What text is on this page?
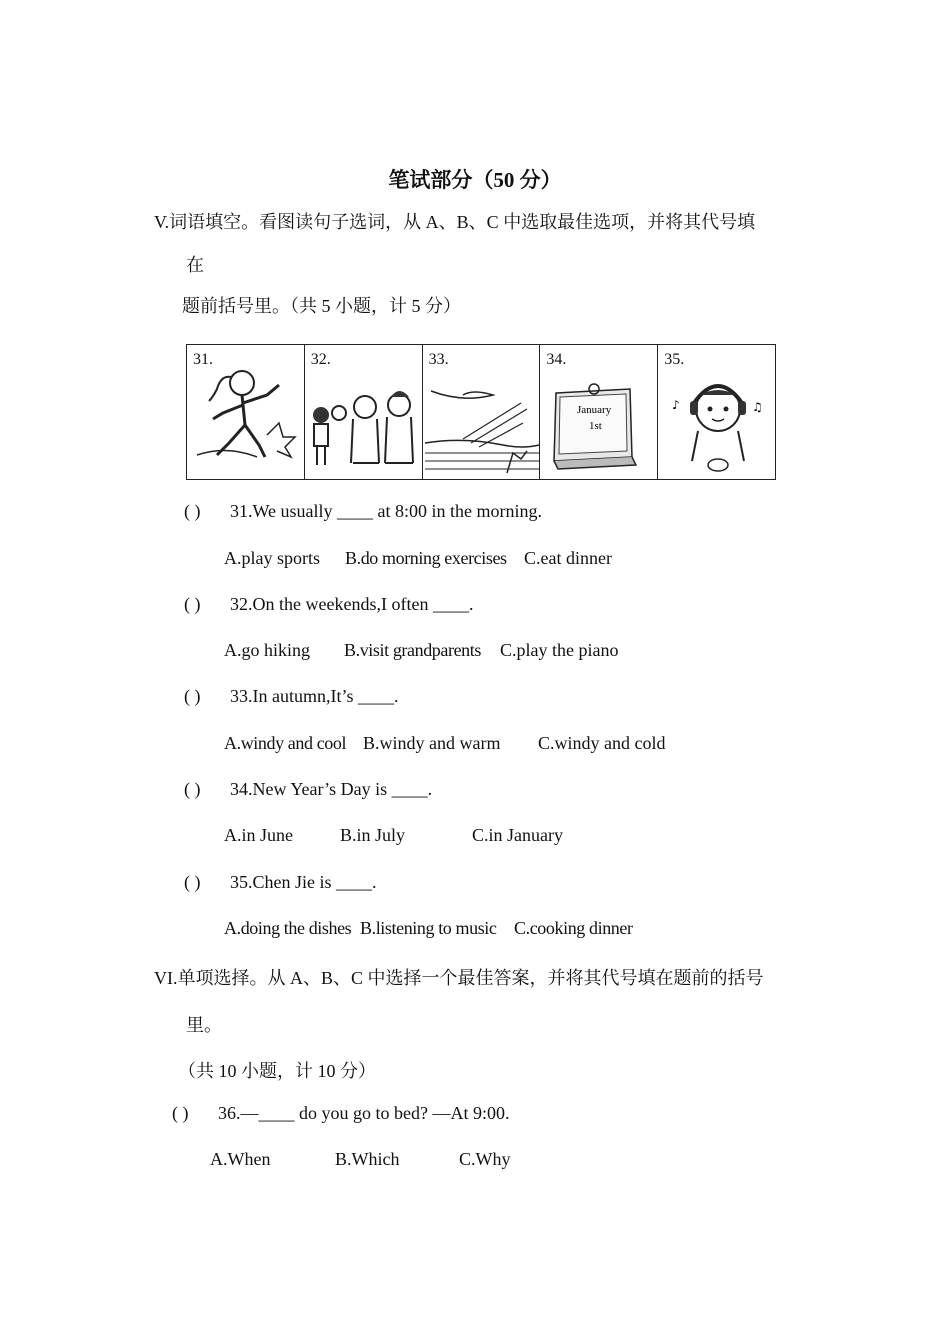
笔试部分（50 分）
V.词语填空。看图读句子选词，从 A、B、C 中选取最佳选项，并将其代号填
在
题前括号里。（共 5 小题，计 5 分）
31.	32.	33.	34.
January
1st
35.
♪	♫
( ) 31.We usually ____ at 8:00 in the morning.
A.play sports B.do morning exercises C.eat dinner
( ) 32.On the weekends,I often ____.
A.go hiking B.visit grandparents C.play the piano
( ) 33.In autumn,It’s ____.
A.windy and cool B.windy and warm C.windy and cold
( ) 34.New Year’s Day is ____.
A.in June	B.in July	C.in January
( ) 35.Chen Jie is ____.
A.doing the dishes B.listening to music C.cooking dinner
VI.单项选择。从 A、B、C 中选择一个最佳答案，并将其代号填在题前的括号
里。
（共 10 小题，计 10 分）
( ) 36.—____ do you go to bed? —At 9:00.
A.When	B.Which	C.Why
